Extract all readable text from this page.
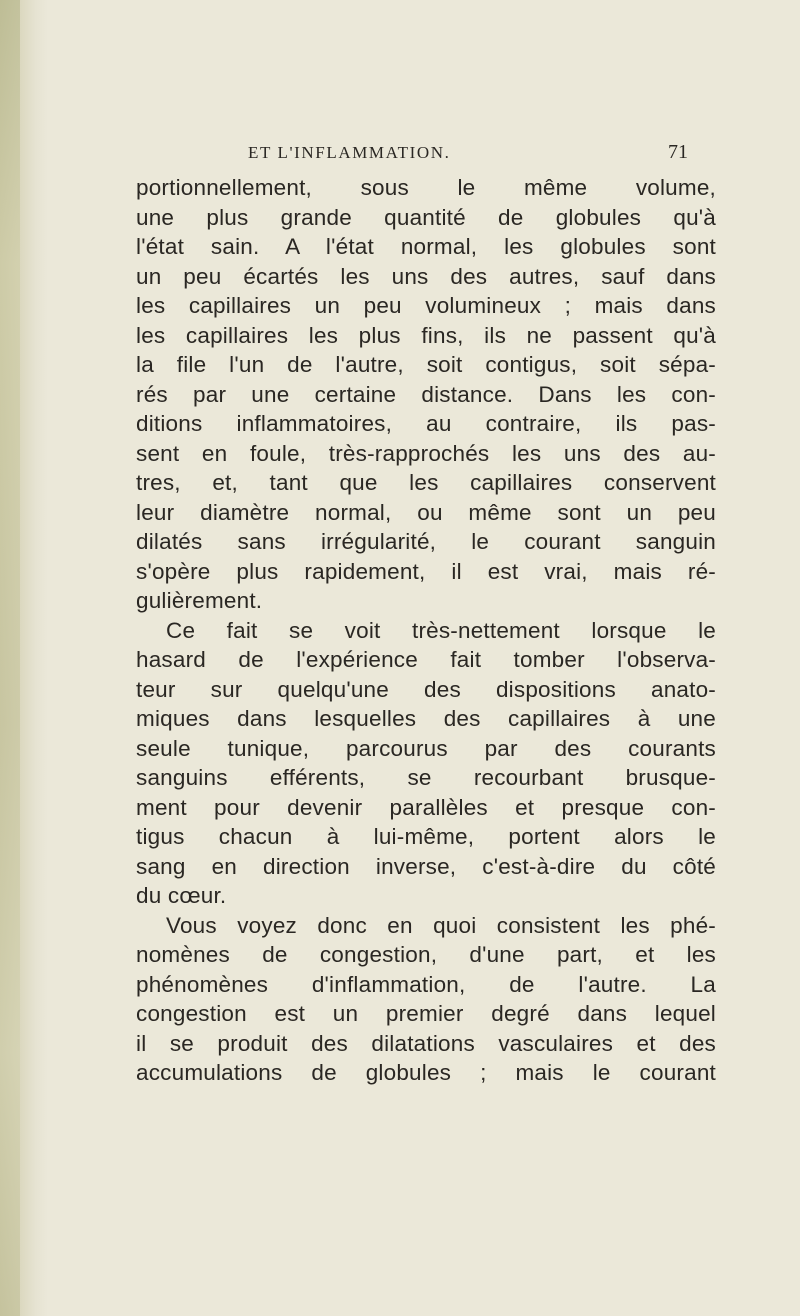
ET L'INFLAMMATION.	71
portionnellement, sous le même volume,
une plus grande quantité de globules qu'à
l'état sain. A l'état normal, les globules sont
un peu écartés les uns des autres, sauf dans
les capillaires un peu volumineux ; mais dans
les capillaires les plus fins, ils ne passent qu'à
la file l'un de l'autre, soit contigus, soit sépa-
rés par une certaine distance. Dans les con-
ditions inflammatoires, au contraire, ils pas-
sent en foule, très-rapprochés les uns des au-
tres, et, tant que les capillaires conservent
leur diamètre normal, ou même sont un peu
dilatés sans irrégularité, le courant sanguin
s'opère plus rapidement, il est vrai, mais ré-
gulièrement.
Ce fait se voit très-nettement lorsque le
hasard de l'expérience fait tomber l'observa-
teur sur quelqu'une des dispositions anato-
miques dans lesquelles des capillaires à une
seule tunique, parcourus par des courants
sanguins efférents, se recourbant brusque-
ment pour devenir parallèles et presque con-
tigus chacun à lui-même, portent alors le
sang en direction inverse, c'est-à-dire du côté
du cœur.
Vous voyez donc en quoi consistent les phé-
nomènes de congestion, d'une part, et les
phénomènes d'inflammation, de l'autre. La
congestion est un premier degré dans lequel
il se produit des dilatations vasculaires et des
accumulations de globules ; mais le courant
